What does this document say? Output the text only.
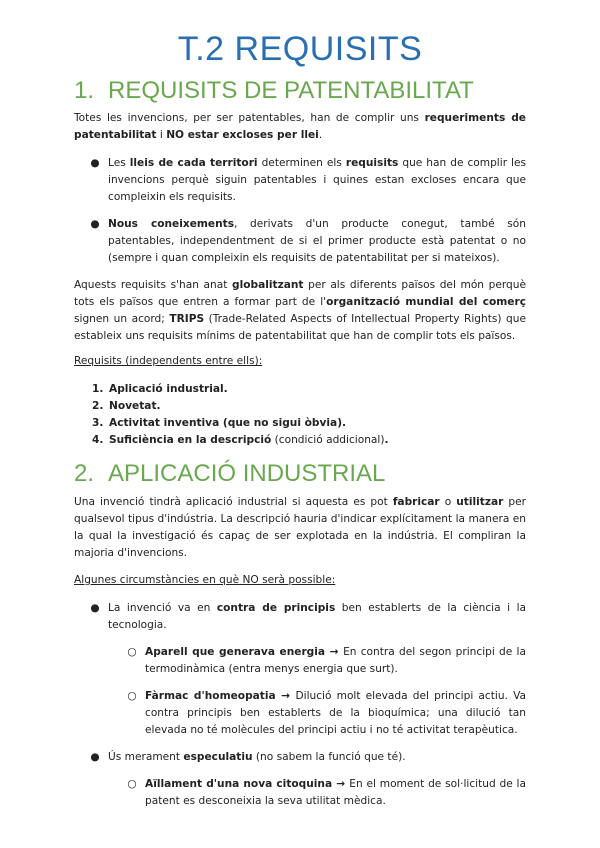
T.2 REQUISITS
1. REQUISITS DE PATENTABILITAT

Totes les invencions, per ser patentables, han de complir uns requeriments de patentabilitat i NO estar excloses per llei.

● Les lleis de cada territori determinen els requisits que han de complir les invencions perquè siguin patentables i quines estan excloses encara que compleixin els requisits.

● Nous coneixements, derivats d'un producte conegut, també són patentables, independentment de si el primer producte està patentat o no (sempre i quan compleixin els requisits de patentabilitat per si mateixos).

Aquests requisits s'han anat globalitzant per als diferents països del món perquè tots els països que entren a formar part de l'organització mundial del comerç signen un acord; TRIPS (Trade-Related Aspects of Intellectual Property Rights) que estableix uns requisits mínims de patentabilitat que han de complir tots els països.

Requisits (independents entre ells):

1. Aplicació industrial.
2. Novetat.
3. Activitat inventiva (que no sigui òbvia).
4. Suficiència en la descripció (condició addicional).
2. APLICACIÓ INDUSTRIAL

Una invenció tindrà aplicació industrial si aquesta es pot fabricar o utilitzar per qualsevol tipus d'indústria. La descripció hauria d'indicar explícitament la manera en la qual la investigació és capaç de ser explotada en la indústria. El compliran la majoria d'invencions.

Algunes circumstàncies en què NO serà possible:

● La invenció va en contra de principis ben establerts de la ciència i la tecnologia.

○ Aparell que generava energia → En contra del segon principi de la termodinàmica (entra menys energia que surt).

○ Fàrmac d'homeopatia → Dilució molt elevada del principi actiu. Va contra principis ben establerts de la bioquímica; una dilució tan elevada no té molècules del principi actiu i no té activitat terapèutica.

● Ús merament especulatiu (no sabem la funció que té).

○ Aïllament d'una nova citoquina → En el moment de sol·licitud de la patent es desconeixia la seva utilitat mèdica.
